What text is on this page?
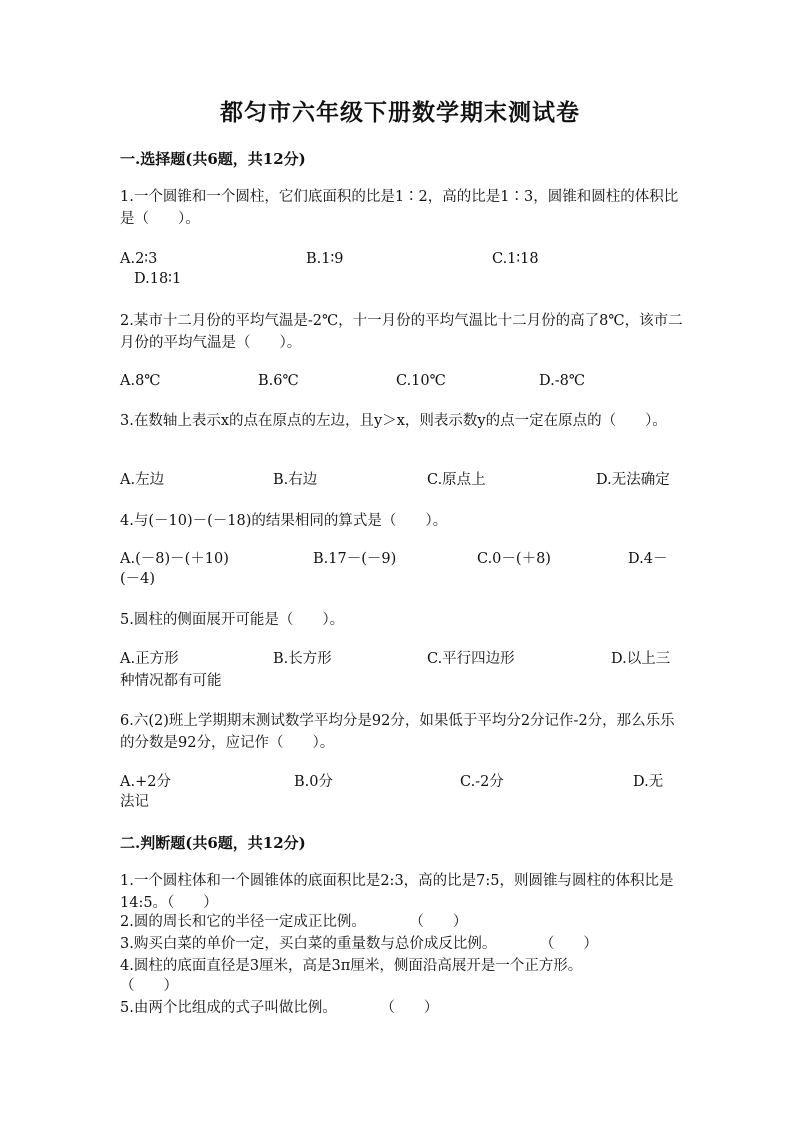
都匀市六年级下册数学期末测试卷
一.选择题(共6题，共12分)
1.一个圆锥和一个圆柱，它们底面积的比是1∶2，高的比是1∶3，圆锥和圆柱的体积比是（　　）。
A.2∶3	B.1∶9	C.1∶18
D.18∶1
2.某市十二月份的平均气温是-2℃，十一月份的平均气温比十二月份的高了8℃，该市二月份的平均气温是（　　）。
A.8℃	B.6℃	C.10℃	D.-8℃
3.在数轴上表示x的点在原点的左边，且y＞x，则表示数y的点一定在原点的（　　）。
A.左边	B.右边	C.原点上	D.无法确定
4.与(－10)－(－18)的结果相同的算式是（　　）。
A.(－8)－(＋10)	B.17－(－9)	C.0－(＋8)	D.4－
(－4)
5.圆柱的侧面展开可能是（　　）。
A.正方形	B.长方形	C.平行四边形	D.以上三
种情况都有可能
6.六(2)班上学期期末测试数学平均分是92分，如果低于平均分2分记作-2分，那么乐乐的分数是92分，应记作（　　）。
A.+2分	B.0分	C.-2分	D.无
法记
二.判断题(共6题，共12分)
1.一个圆柱体和一个圆锥体的底面积比是2:3，高的比是7:5，则圆锥与圆柱的体积比是14:5。（　　）
2.圆的周长和它的半径一定成正比例。　　　　（　　）
3.购买白菜的单价一定，买白菜的重量数与总价成反比例。　　　　（　　）
4.圆柱的底面直径是3厘米，高是3π厘米，侧面沿高展开是一个正方形。
（　　）
5.由两个比组成的式子叫做比例。　　　　（　　）
